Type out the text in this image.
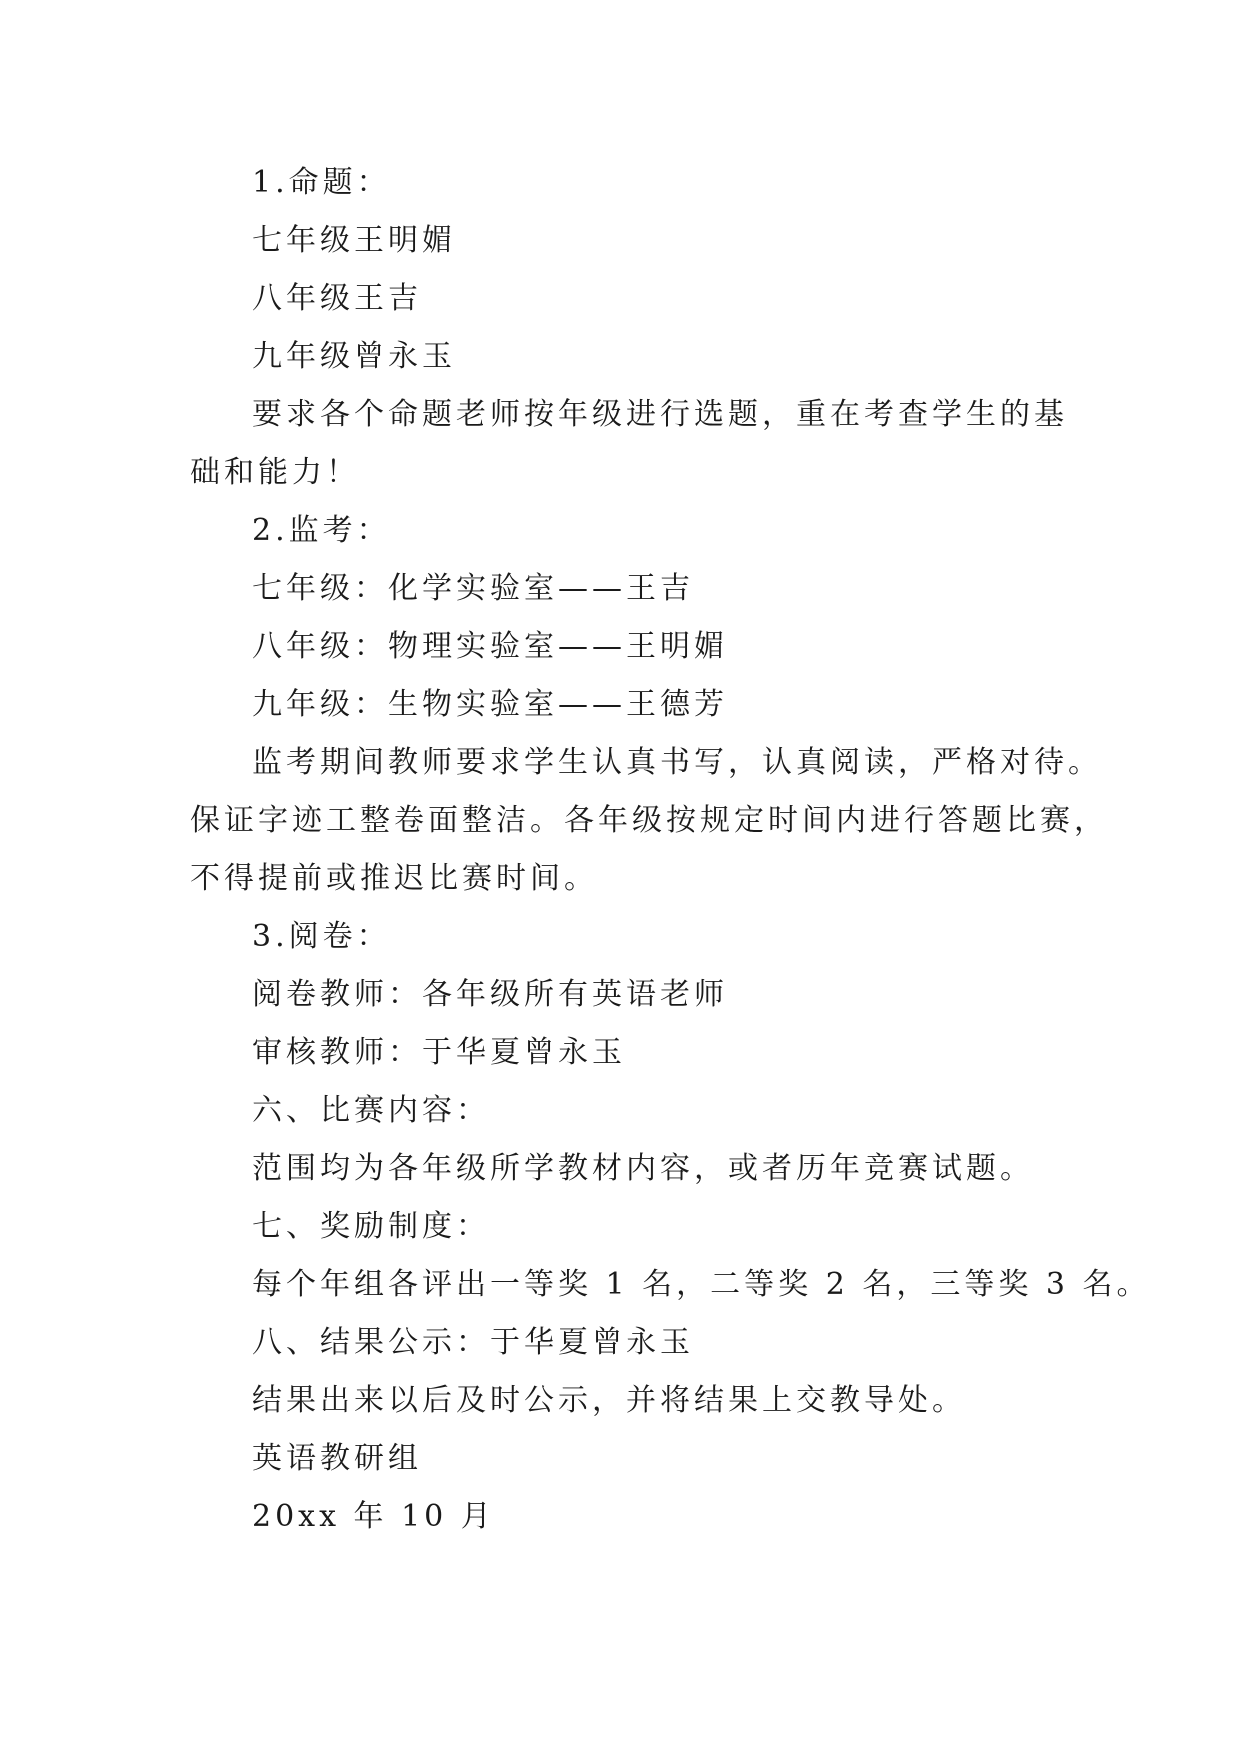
1.命题：
七年级王明媚
八年级王吉
九年级曾永玉
要求各个命题老师按年级进行选题，重在考查学生的基
础和能力！
2.监考：
七年级：化学实验室——王吉
八年级：物理实验室——王明媚
九年级：生物实验室——王德芳
监考期间教师要求学生认真书写，认真阅读，严格对待。
保证字迹工整卷面整洁。各年级按规定时间内进行答题比赛，
不得提前或推迟比赛时间。
3.阅卷：
阅卷教师：各年级所有英语老师
审核教师：于华夏曾永玉
六、比赛内容：
范围均为各年级所学教材内容，或者历年竞赛试题。
七、奖励制度：
每个年组各评出一等奖 1 名，二等奖 2 名，三等奖 3 名。
八、结果公示：于华夏曾永玉
结果出来以后及时公示，并将结果上交教导处。
英语教研组
20xx 年 10 月
